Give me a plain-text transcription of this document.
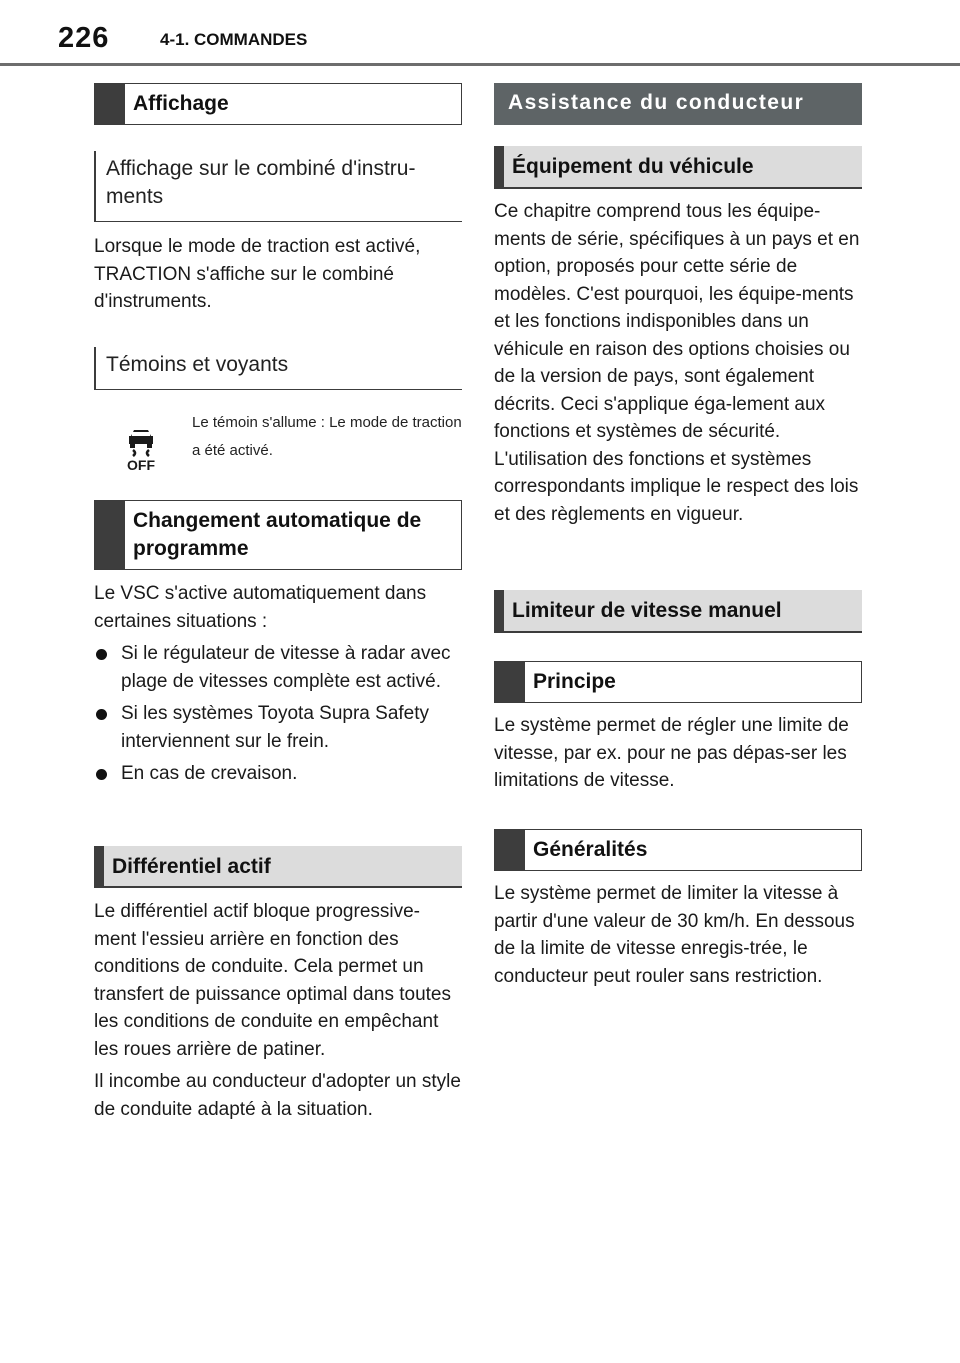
226	4-1. COMMANDES
Affichage
Affichage sur le combiné d'instru-ments
Lorsque le mode de traction est activé, TRACTION s'affiche sur le combiné d'instruments.
Témoins et voyants
OFF
Le témoin s'allume : Le mode de traction a été activé.
Changement automatique de programme
Le VSC s'active automatiquement dans certaines situations :
Si le régulateur de vitesse à radar avec plage de vitesses complète est activé.
Si les systèmes Toyota Supra Safety interviennent sur le frein.
En cas de crevaison.
Différentiel actif
Le différentiel actif bloque progressive-ment l'essieu arrière en fonction des conditions de conduite. Cela permet un transfert de puissance optimal dans toutes les conditions de conduite en empêchant les roues arrière de patiner.
Il incombe au conducteur d'adopter un style de conduite adapté à la situation.
Assistance du conducteur
Équipement du véhicule
Ce chapitre comprend tous les équipe-ments de série, spécifiques à un pays et en option, proposés pour cette série de modèles. C'est pourquoi, les équipe-ments et les fonctions indisponibles dans un véhicule en raison des options choisies ou de la version de pays, sont également décrits. Ceci s'applique éga-lement aux fonctions et systèmes de sécurité. L'utilisation des fonctions et systèmes correspondants implique le respect des lois et des règlements en vigueur.
Limiteur de vitesse manuel
Principe
Le système permet de régler une limite de vitesse, par ex. pour ne pas dépas-ser les limitations de vitesse.
Généralités
Le système permet de limiter la vitesse à partir d'une valeur de 30 km/h. En dessous de la limite de vitesse enregis-trée, le conducteur peut rouler sans restriction.
